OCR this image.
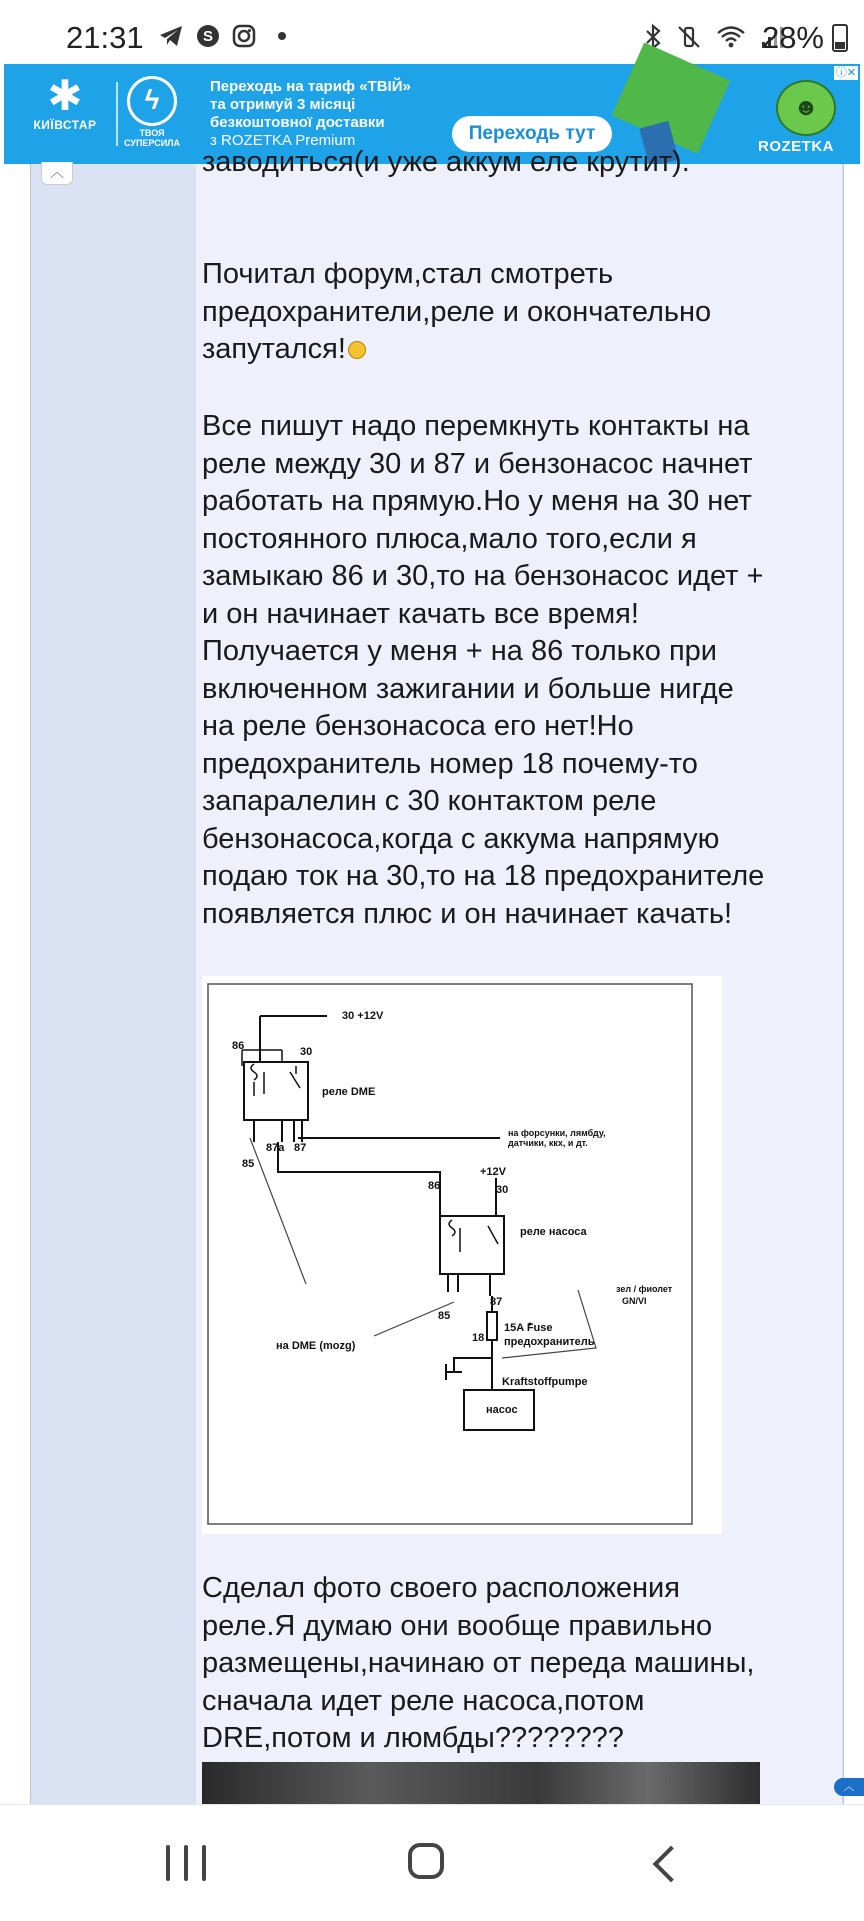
21:31	S	28%
✱
КИЇВСТАР
ϟ
ТВОЯ СУПЕРСИЛА
Переходь на тариф «ТВІЙ»
та отримуй 3 місяці
безкоштовної доставки
з ROZETKA Premium	Переходь тут
☻
ROZETKA
ⓘ✕
︿	заводиться(и уже аккум еле крутит).
Почитал форум,стал смотреть
предохранители,реле и окончательно
запутался!
Все пишут надо перемкнуть контакты на
реле между 30 и 87 и бензонасос начнет
работать на прямую.Но у меня на 30 нет
постоянного плюса,мало того,если я
замыкаю 86 и 30,то на бензонасос идет +
и он начинает качать все время!
Получается у меня + на 86 только при
включенном зажигании и больше нигде
на реле бензонасоса его нет!Но
предохранитель номер 18 почему-то
запаралелин с 30 контактом реле
бензонасоса,когда с аккума напрямую
подаю ток на 30,то на 18 предохранителе
появляется плюс и он начинает качать!
30 +12V
86	30
реле DME
87a 87
85
на форсунки, лямбду,
датчики, ккх, и дт.
+12V
86	30
реле насоса
зел / фиолет
GN/VI
87
85
на DME (mozg)
18
15A Fuse
предохранитель
Kraftstoffpumpe
насос
Сделал фото своего расположения
реле.Я думаю они вообще правильно
размещены,начинаю от переда машины,
сначала идет реле насоса,потом
DRE,потом и люмбды????????
︿
